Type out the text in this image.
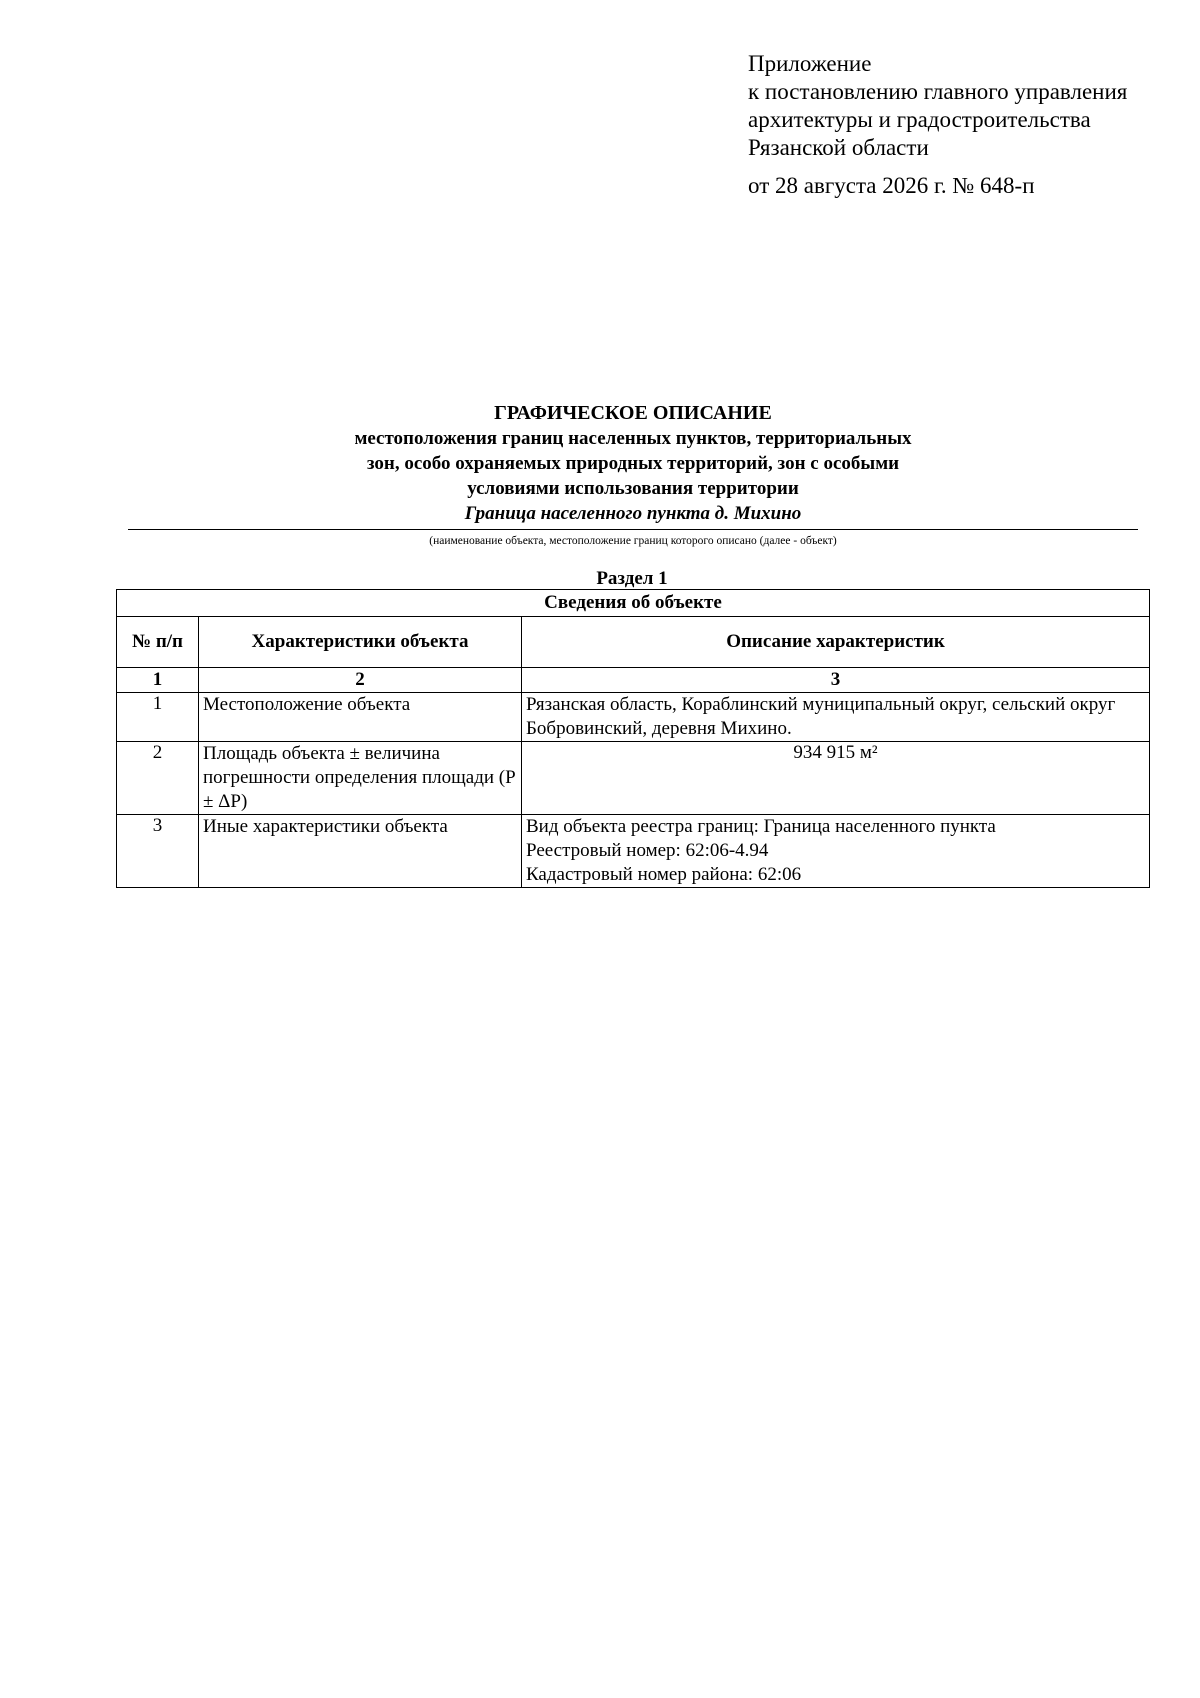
Приложение
к постановлению главного управления
архитектуры и градостроительства
Рязанской области
от 28 августа 2026 г. № 648-п
ГРАФИЧЕСКОЕ ОПИСАНИЕ
местоположения границ населенных пунктов, территориальных
зон, особо охраняемых природных территорий, зон с особыми
условиями использования территории
Граница населенного пункта д. Михино
(наименование объекта, местоположение границ которого описано (далее - объект)
Раздел 1
Сведения об объекте		
№ п/п	Характеристики объекта	Описание характеристик
1	2	3
1	Местоположение объекта	Рязанская область, Кораблинский муниципальный округ, сельский округ Бобровинский, деревня Михино.

2	Площадь объекта ± величина погрешности определения площади (P ± ΔP)	934 915 м²

3	Иные характеристики объекта	Вид объекта реестра границ: Граница населенного пункта
Реестровый номер: 62:06-4.94
Кадастровый номер района: 62:06
